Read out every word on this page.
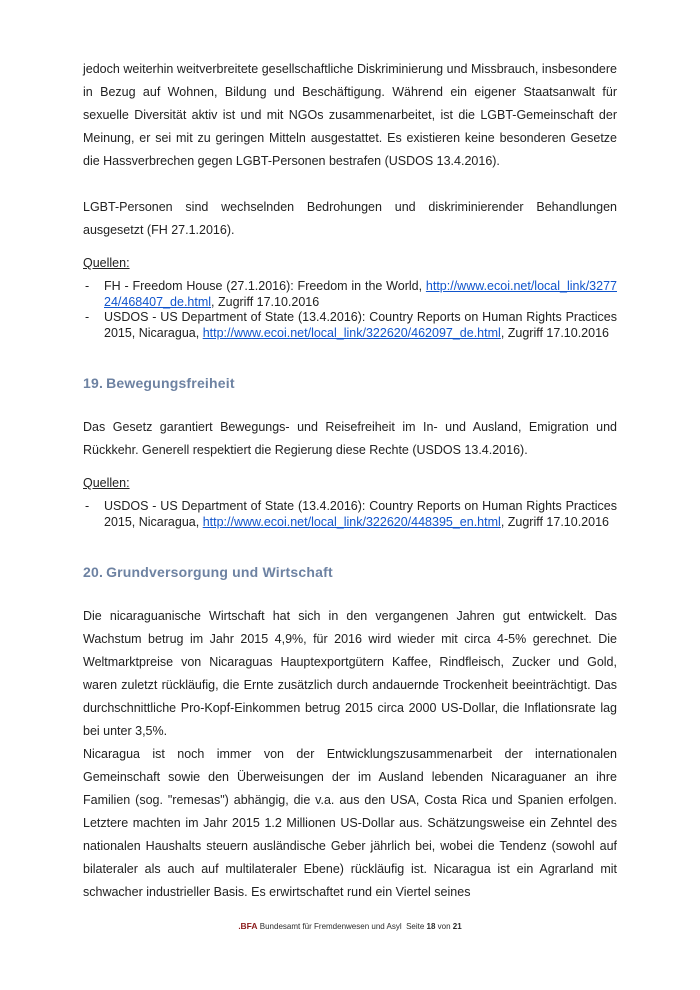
jedoch weiterhin weitverbreitete gesellschaftliche Diskriminierung und Missbrauch, insbesondere in Bezug auf Wohnen, Bildung und Beschäftigung. Während ein eigener Staatsanwalt für sexuelle Diversität aktiv ist und mit NGOs zusammenarbeitet, ist die LGBT-Gemeinschaft der Meinung, er sei mit zu geringen Mitteln ausgestattet. Es existieren keine besonderen Gesetze die Hassverbrechen gegen LGBT-Personen bestrafen (USDOS 13.4.2016).

LGBT-Personen sind wechselnden Bedrohungen und diskriminierender Behandlungen ausgesetzt (FH 27.1.2016).

Quellen:
- FH - Freedom House (27.1.2016): Freedom in the World, http://www.ecoi.net/local_link/327724/468407_de.html, Zugriff 17.10.2016
- USDOS - US Department of State (13.4.2016): Country Reports on Human Rights Practices 2015, Nicaragua, http://www.ecoi.net/local_link/322620/462097_de.html, Zugriff 17.10.2016
19. Bewegungsfreiheit

Das Gesetz garantiert Bewegungs- und Reisefreiheit im In- und Ausland, Emigration und Rückkehr. Generell respektiert die Regierung diese Rechte (USDOS 13.4.2016).

Quellen:
- USDOS - US Department of State (13.4.2016): Country Reports on Human Rights Practices 2015, Nicaragua, http://www.ecoi.net/local_link/322620/448395_en.html, Zugriff 17.10.2016
20. Grundversorgung und Wirtschaft

Die nicaraguanische Wirtschaft hat sich in den vergangenen Jahren gut entwickelt. Das Wachstum betrug im Jahr 2015 4,9%, für 2016 wird wieder mit circa 4-5% gerechnet. Die Weltmarktpreise von Nicaraguas Hauptexportgütern Kaffee, Rindfleisch, Zucker und Gold, waren zuletzt rückläufig, die Ernte zusätzlich durch andauernde Trockenheit beeinträchtigt. Das durchschnittliche Pro-Kopf-Einkommen betrug 2015 circa 2000 US-Dollar, die Inflationsrate lag bei unter 3,5%.

Nicaragua ist noch immer von der Entwicklungszusammenarbeit der internationalen Gemeinschaft sowie den Überweisungen der im Ausland lebenden Nicaraguaner an ihre Familien (sog. "remesas") abhängig, die v.a. aus den USA, Costa Rica und Spanien erfolgen. Letztere machten im Jahr 2015 1.2 Millionen US-Dollar aus. Schätzungsweise ein Zehntel des nationalen Haushalts steuern ausländische Geber jährlich bei, wobei die Tendenz (sowohl auf bilateraler als auch auf multilateraler Ebene) rückläufig ist. Nicaragua ist ein Agrarland mit schwacher industrieller Basis. Es erwirtschaftet rund ein Viertel seines

.BFA Bundesamt für Fremdenwesen und Asyl  Seite 18 von 21
